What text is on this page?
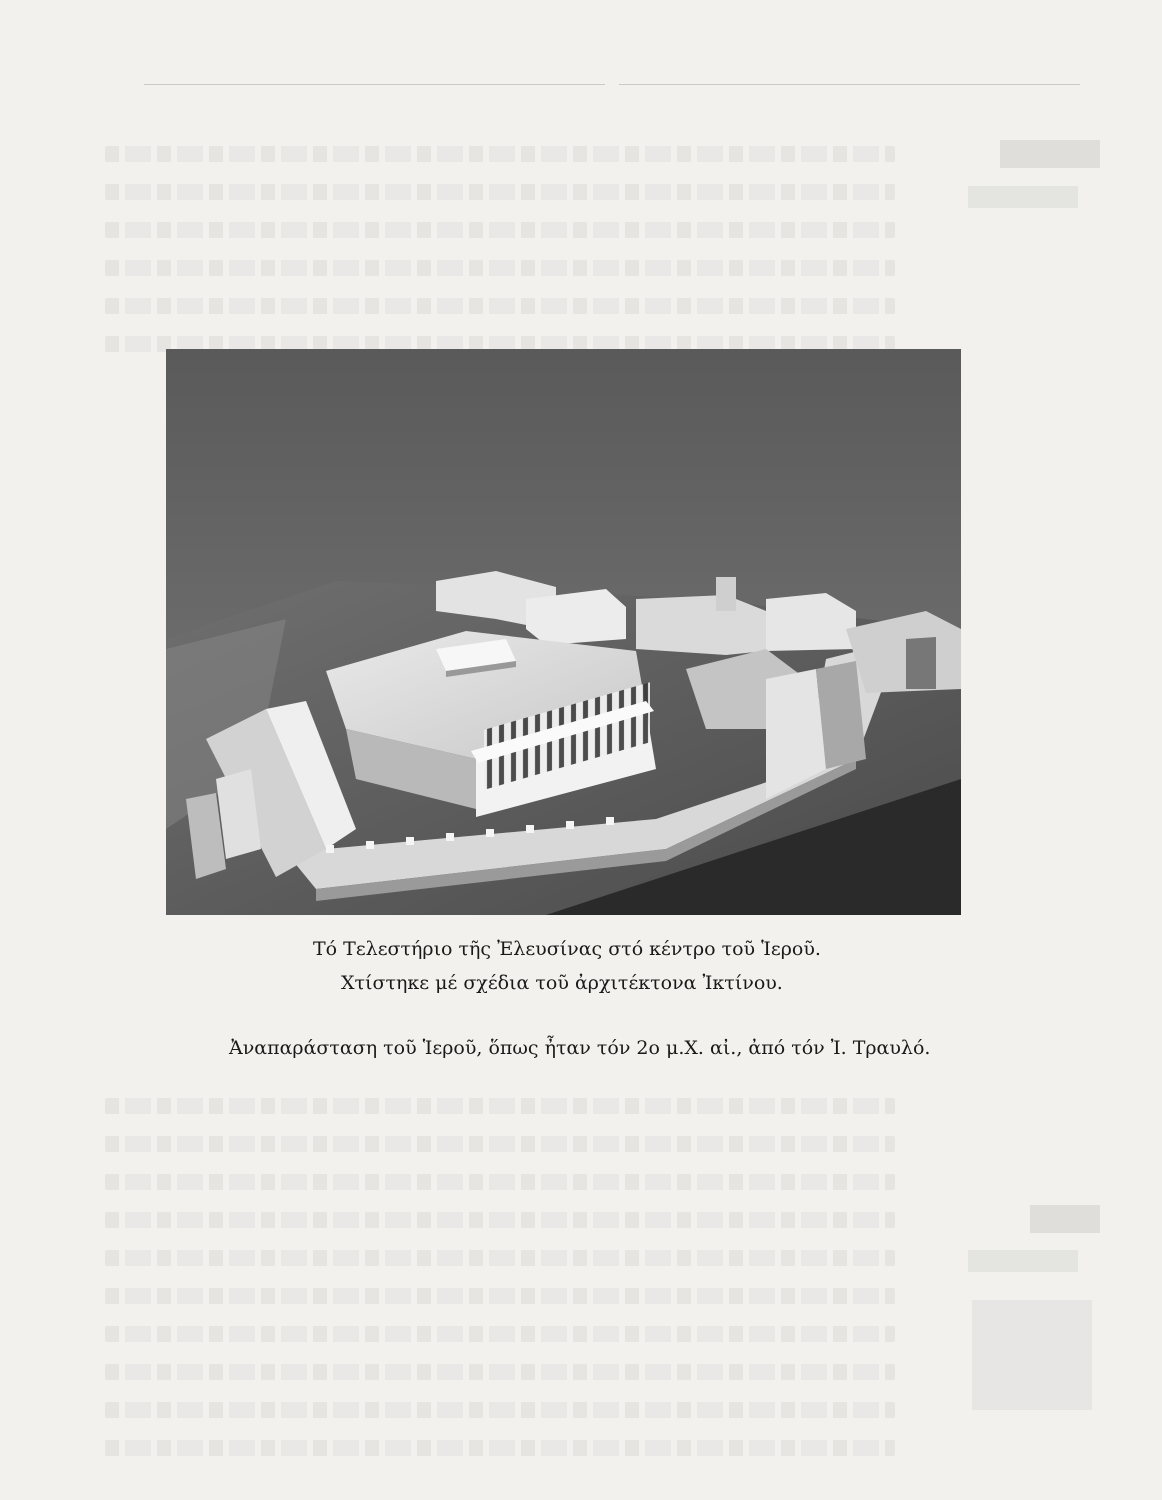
Τό Τελεστήριο τῆς Ἐλευσίνας στό κέντρο τοῦ Ἱεροῦ.
Χτίστηκε μέ σχέδια τοῦ ἀρχιτέκτονα Ἰκτίνου.
Ἀναπαράσταση τοῦ Ἱεροῦ, ὅπως ἦταν τόν 2ο μ.Χ. αἰ., ἀπό τόν Ἰ. Τραυλό.
